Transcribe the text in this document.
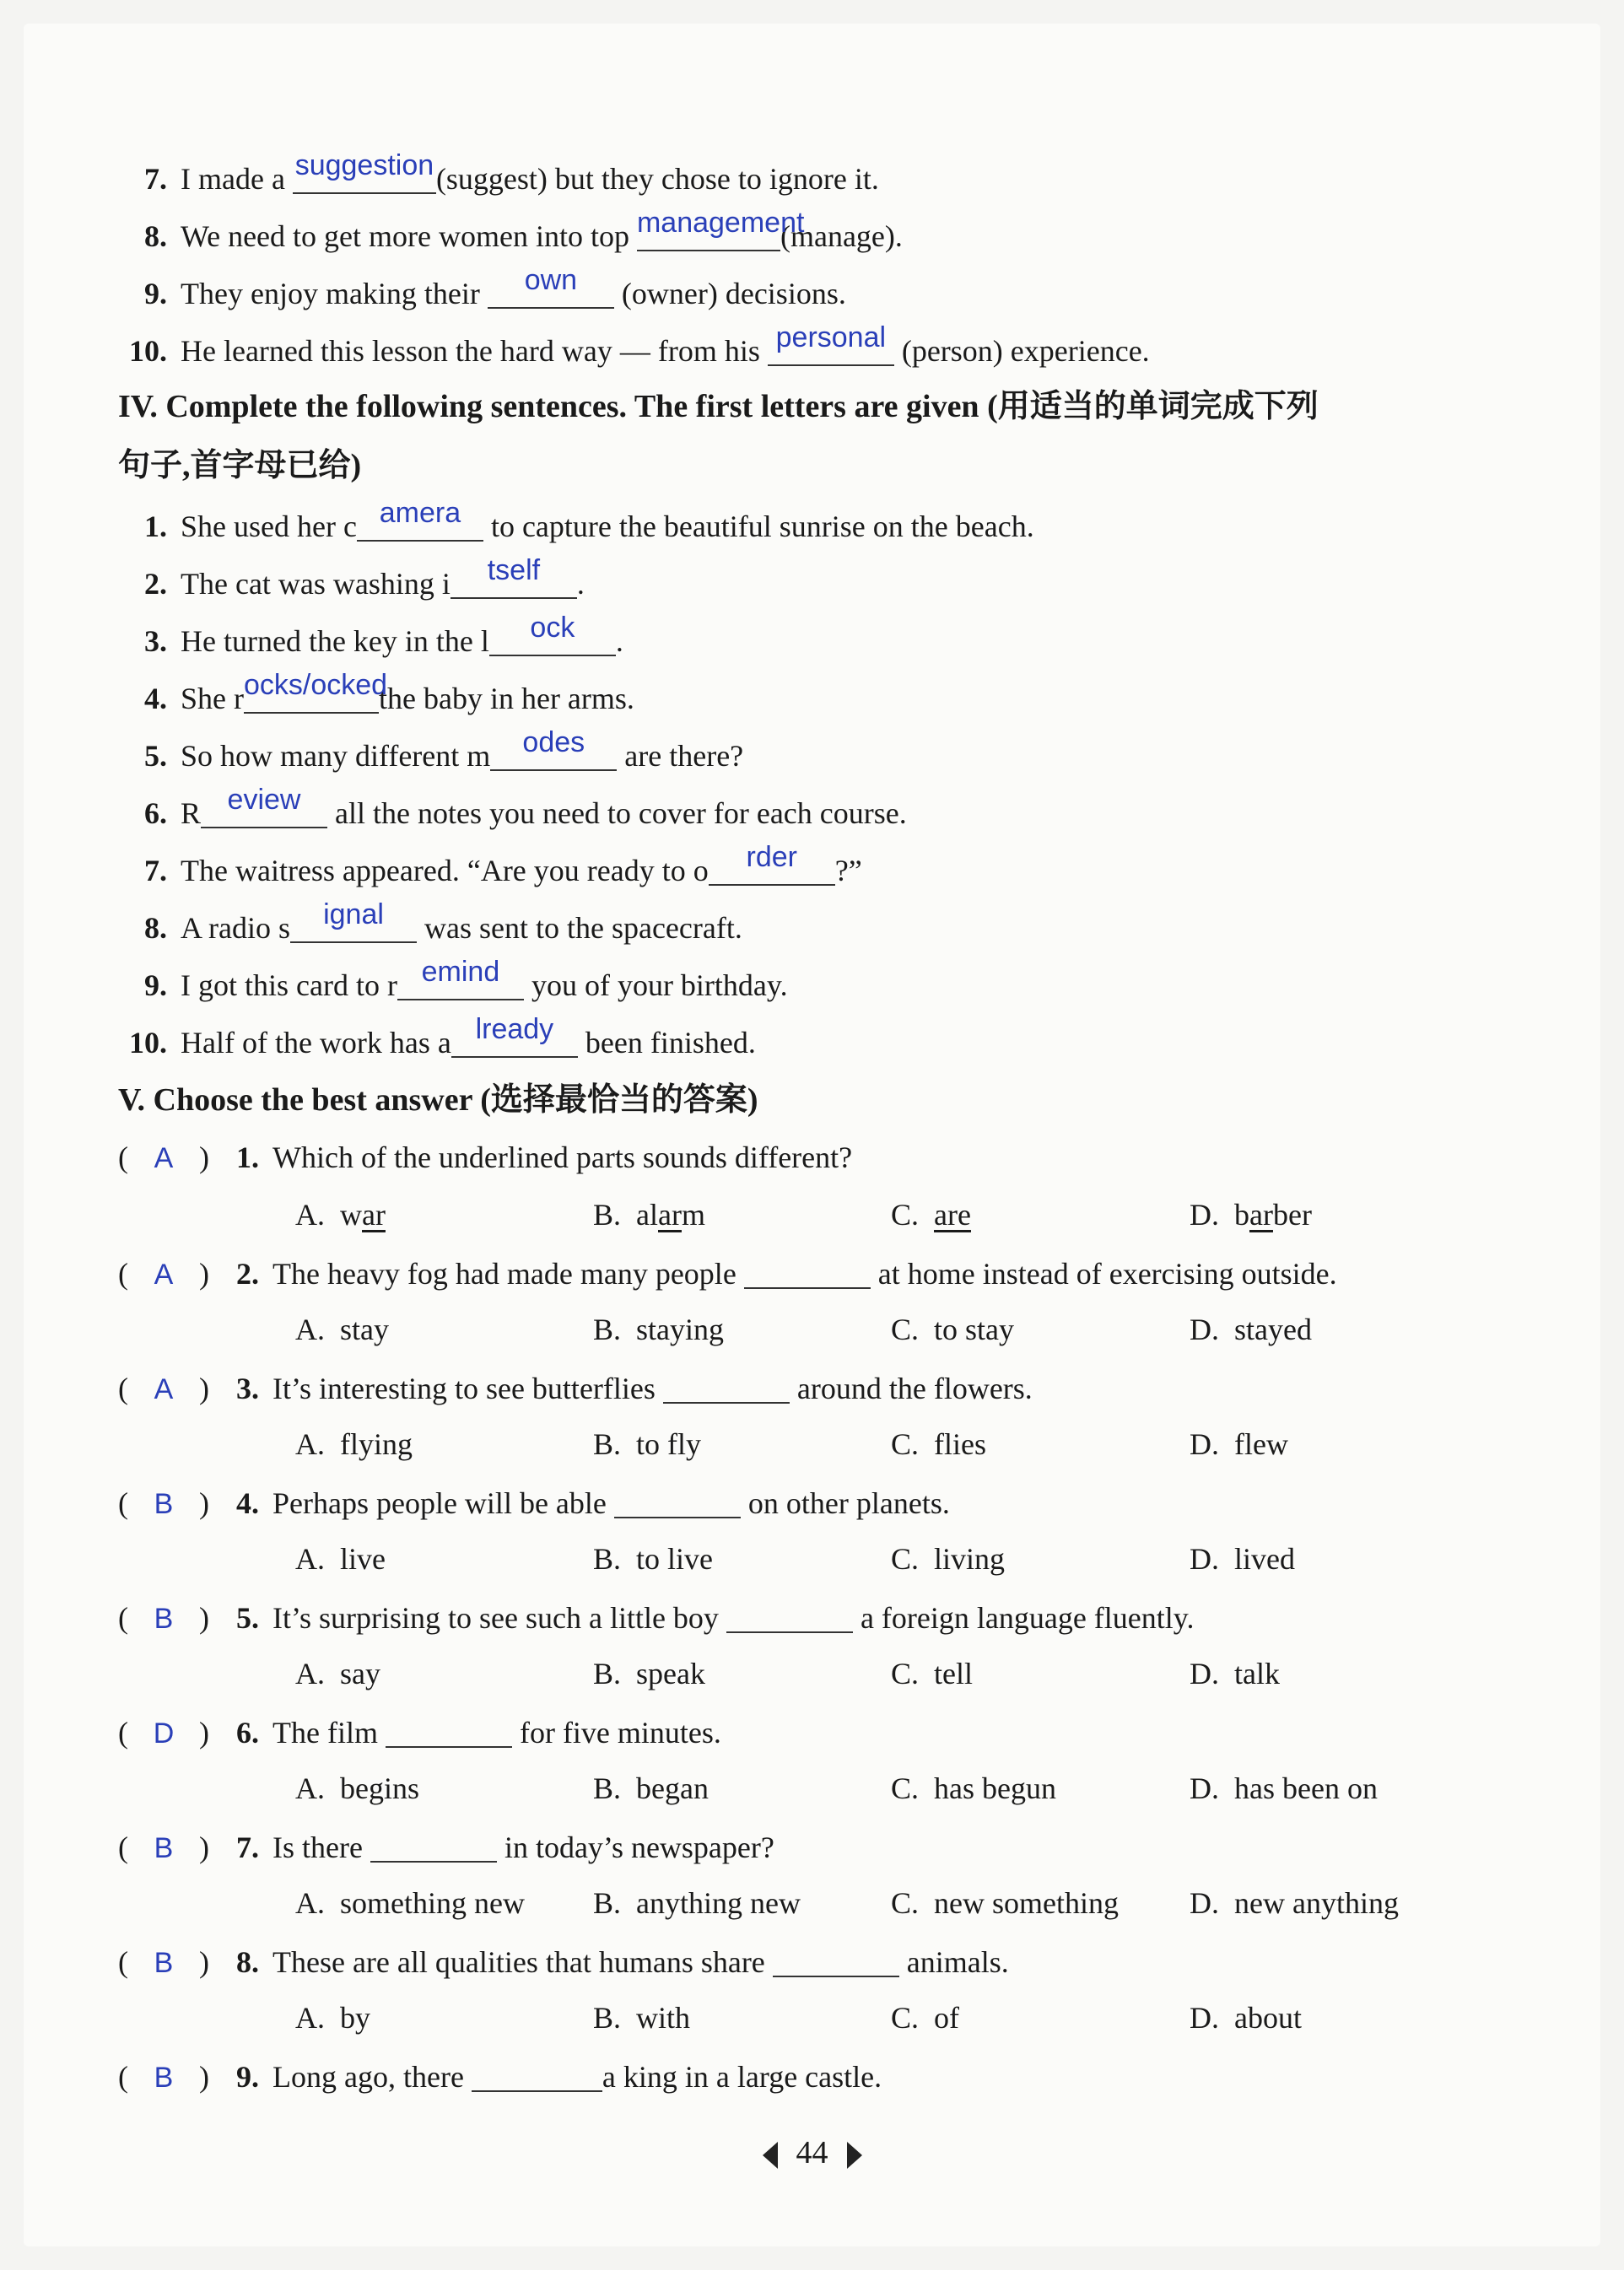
7. I made a suggestion (suggest) but they chose to ignore it.
8. We need to get more women into top management
(manage).
9. They enjoy making their	own	(owner) decisions.
10. He learned this lesson the hard way — from his personal (person) experience.
IV. Complete the following sentences. The first letters are given (用适当的单词完成下列
句子,首字母已给)
1. She used her c amera to capture the beautiful sunrise on the beach.
2. The cat was washing i	tself	.
3. He turned the key in the l	ock	.
4. She r ocks/ocked
the baby in her arms.
5. So how many different m	odes	are there?
6. R eview all the notes you need to cover for each course.
7. The waitress appeared. “Are you ready to o	rder	?”
8. A radio s	ignal	was sent to the spacecraft.
9. I got this card to r emind you of your birthday.
10. Half of the work has a lready been finished.
V. Choose the best answer (选择最恰当的答案)
( A ) 1. Which of the underlined parts sounds different?
A. war	B. alarm	C. are	D. barber
( A ) 2. The heavy fog had made many people	at home instead of exercising outside.
A. stay	B. staying	C. to stay	D. stayed
( A ) 3. It’s interesting to see butterflies	around the flowers.
A. flying	B. to fly	C. flies	D. flew
( B ) 4. Perhaps people will be able	on other planets.
A. live	B. to live	C. living	D. lived
( B ) 5. It’s surprising to see such a little boy	a foreign language fluently.
A. say	B. speak	C. tell	D. talk
( D ) 6. The film	for five minutes.
A. begins	B. began	C. has begun	D. has been on
( B ) 7. Is there	in today’s newspaper?
A. something new B. anything new	C. new something D. new anything
( B ) 8. These are all qualities that humans share	animals.
A. by	B. with	C. of	D. about
( B ) 9. Long ago, there	a king in a large castle.
44
